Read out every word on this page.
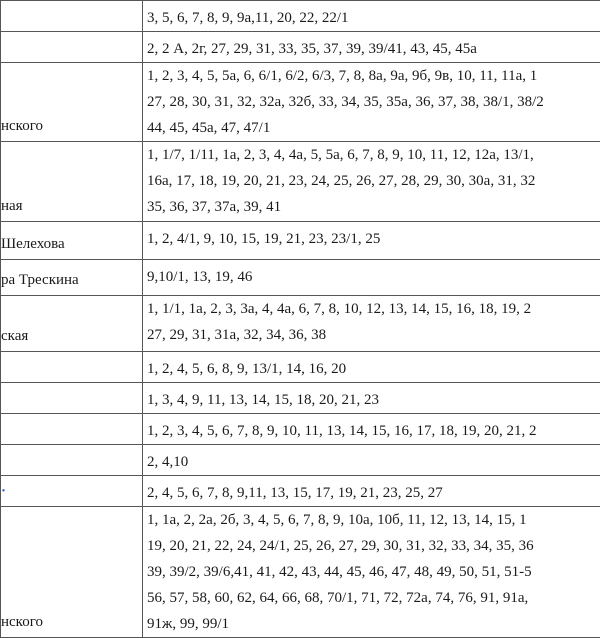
	3, 5, 6, 7, 8, 9, 9а,11, 20, 22, 22/1

	2, 2 А, 2г, 27, 29, 31, 33, 35, 37, 39, 39/41, 43, 45, 45а

нского	1, 2, 3, 4, 5, 5а, 6, 6/1, 6/2, 6/3, 7, 8, 8а, 9а, 9б, 9в, 10, 11, 11а, 1
27, 28, 30, 31, 32, 32а, 32б, 33, 34, 35, 35а, 36, 37, 38, 38/1, 38/2
44, 45, 45а, 47, 47/1

ная	1, 1/7, 1/11, 1а, 2, 3, 4, 4а, 5, 5а, 6, 7, 8, 9, 10, 11, 12, 12а, 13/1,
16а, 17, 18, 19, 20, 21, 23, 24, 25, 26, 27, 28, 29, 30, 30а, 31, 32
35, 36, 37, 37а, 39, 41

Шелехова	1, 2, 4/1, 9, 10, 15, 19, 21, 23, 23/1, 25

ра Трескина	9,10/1, 13, 19, 46

ская	1, 1/1, 1а, 2, 3, 3а, 4, 4а, 6, 7, 8, 10, 12, 13, 14, 15, 16, 18, 19, 2
27, 29, 31, 31а, 32, 34, 36, 38

	1, 2, 4, 5, 6, 8, 9, 13/1, 14, 16, 20

	1, 3, 4, 9, 11, 13, 14, 15, 18, 20, 21, 23

	1, 2, 3, 4, 5, 6, 7, 8, 9, 10, 11, 13, 14, 15, 16, 17, 18, 19, 20, 21, 2

	2, 4,10

·	2, 4, 5, 6, 7, 8, 9,11, 13, 15, 17, 19, 21, 23, 25, 27

нского	1, 1а, 2, 2а, 2б, 3, 4, 5, 6, 7, 8, 9, 10а, 10б, 11, 12, 13, 14, 15, 1
19, 20, 21, 22, 24, 24/1, 25, 26, 27, 29, 30, 31, 32, 33, 34, 35, 36
39, 39/2, 39/6,41, 41, 42, 43, 44, 45, 46, 47, 48, 49, 50, 51, 51-5
56, 57, 58, 60, 62, 64, 66, 68, 70/1, 71, 72, 72а, 74, 76, 91, 91а,
91ж, 99, 99/1
